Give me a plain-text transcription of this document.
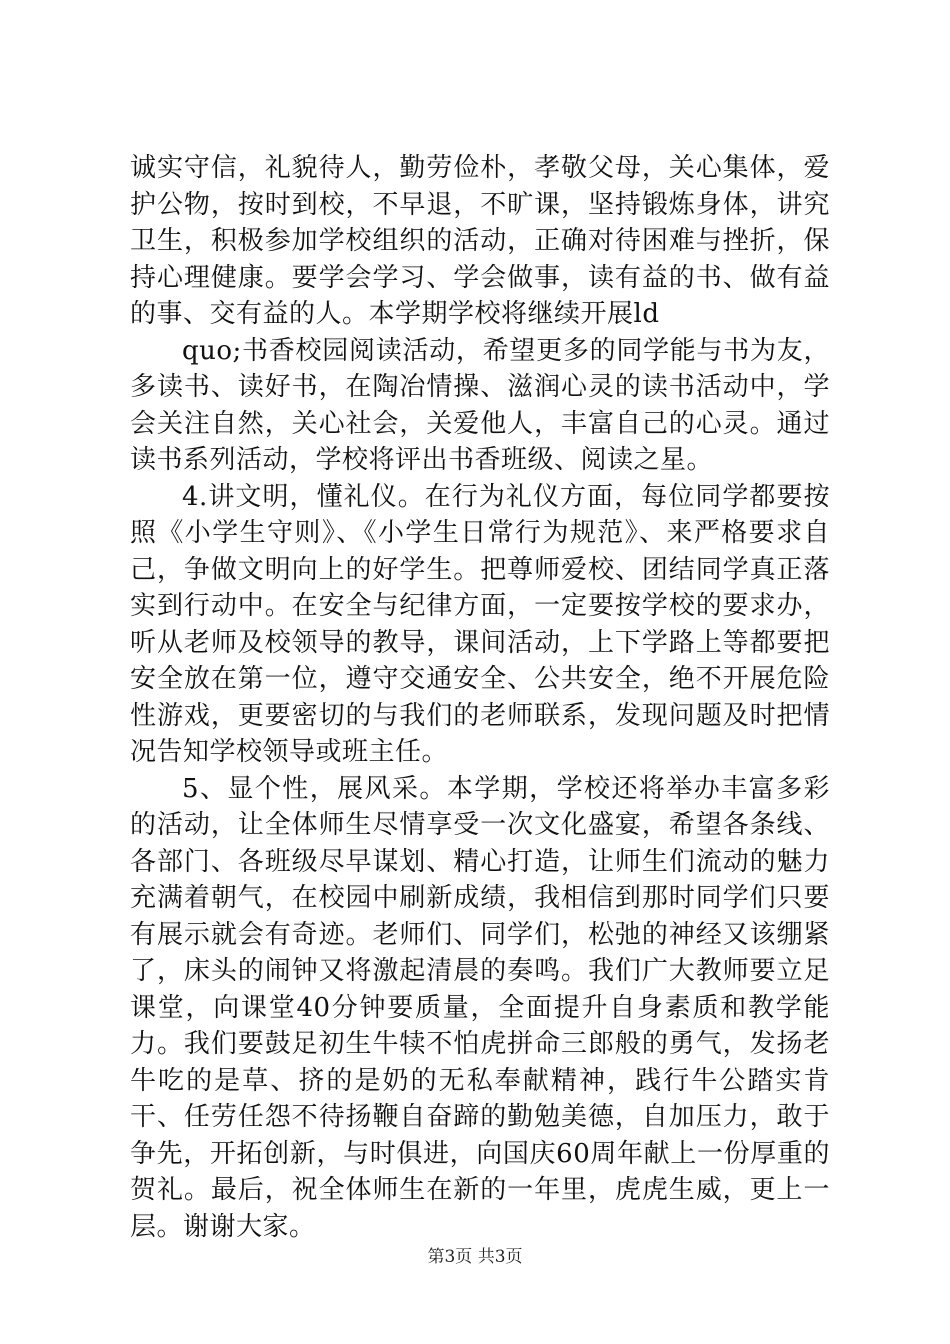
诚实守信，礼貌待人，勤劳俭朴，孝敬父母，关心集体，爱护公物，按时到校，不早退，不旷课，坚持锻炼身体，讲究卫生，积极参加学校组织的活动，正确对待困难与挫折，保持心理健康。要学会学习、学会做事，读有益的书、做有益的事、交有益的人。本学期学校将继续开展ld

quo;书香校园阅读活动，希望更多的同学能与书为友，多读书、读好书，在陶冶情操、滋润心灵的读书活动中，学会关注自然，关心社会，关爱他人，丰富自己的心灵。通过读书系列活动，学校将评出书香班级、阅读之星。

4.讲文明，懂礼仪。在行为礼仪方面，每位同学都要按照《小学生守则》、《小学生日常行为规范》、来严格要求自己，争做文明向上的好学生。把尊师爱校、团结同学真正落实到行动中。在安全与纪律方面，一定要按学校的要求办，听从老师及校领导的教导，课间活动，上下学路上等都要把安全放在第一位，遵守交通安全、公共安全，绝不开展危险性游戏，更要密切的与我们的老师联系，发现问题及时把情况告知学校领导或班主任。

5、显个性，展风采。本学期，学校还将举办丰富多彩的活动，让全体师生尽情享受一次文化盛宴，希望各条线、各部门、各班级尽早谋划、精心打造，让师生们流动的魅力充满着朝气，在校园中刷新成绩，我相信到那时同学们只要有展示就会有奇迹。老师们、同学们，松弛的神经又该绷紧了，床头的闹钟又将激起清晨的奏鸣。我们广大教师要立足课堂，向课堂40分钟要质量，全面提升自身素质和教学能力。我们要鼓足初生牛犊不怕虎拼命三郎般的勇气，发扬老牛吃的是草、挤的是奶的无私奉献精神，践行牛公踏实肯干、任劳任怨不待扬鞭自奋蹄的勤勉美德，自加压力，敢于争先，开拓创新，与时俱进，向国庆60周年献上一份厚重的贺礼。最后，祝全体师生在新的一年里，虎虎生威，更上一层。谢谢大家。

第3页 共3页
